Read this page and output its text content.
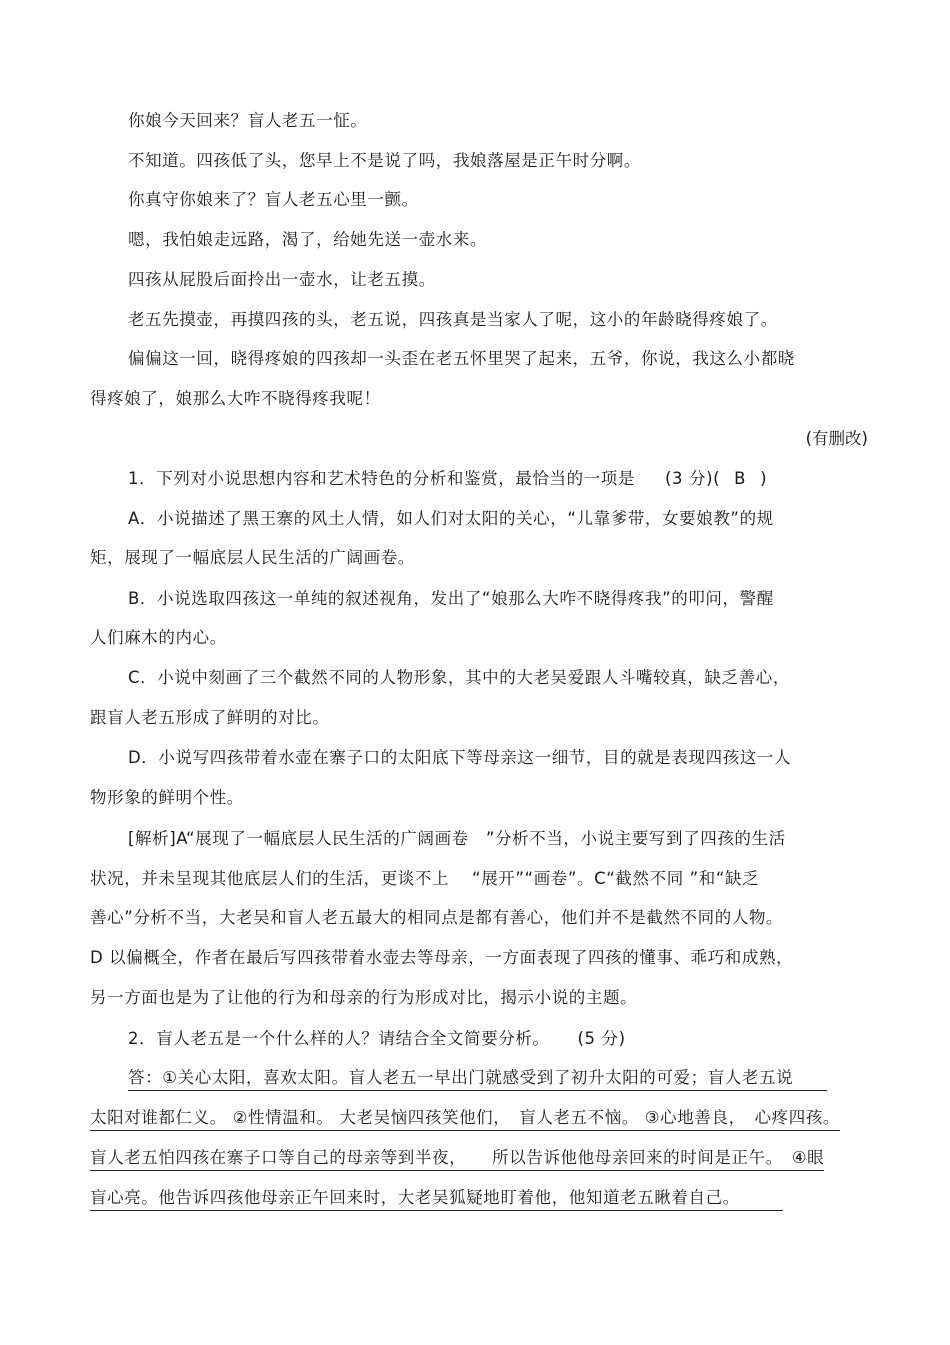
你娘今天回来？盲人老五一怔。
不知道。四孩低了头，您早上不是说了吗，我娘落屋是正午时分啊。
你真守你娘来了？盲人老五心里一颤。
嗯，我怕娘走远路，渴了，给她先送一壶水来。
四孩从屁股后面拎出一壶水，让老五摸。
老五先摸壶，再摸四孩的头，老五说，四孩真是当家人了呢，这小的年龄晓得疼娘了。
偏偏这一回，晓得疼娘的四孩却一头歪在老五怀里哭了起来，五爷，你说，我这么小都晓
得疼娘了，娘那么大咋不晓得疼我呢！
(有删改)
1．下列对小说思想内容和艺术特色的分析和鉴赏，最恰当的一项是 (3 分)( B )
A．小说描述了黑王寨的风土人情，如人们对太阳的关心，“儿靠爹带，女要娘教”的规
矩，展现了一幅底层人民生活的广阔画卷。
B．小说选取四孩这一单纯的叙述视角，发出了“娘那么大咋不晓得疼我”的叩问，警醒
人们麻木的内心。
C．小说中刻画了三个截然不同的人物形象，其中的大老吴爱跟人斗嘴较真，缺乏善心，
跟盲人老五形成了鲜明的对比。
D．小说写四孩带着水壶在寨子口的太阳底下等母亲这一细节，目的就是表现四孩这一人
物形象的鲜明个性。
[解析]A“展现了一幅底层人民生活的广阔画卷　”分析不当，小说主要写到了四孩的生活
状况，并未呈现其他底层人们的生活，更谈不上　 “展开”“画卷”。C“截然不同 ”和“缺乏
善心”分析不当，大老吴和盲人老五最大的相同点是都有善心，他们并不是截然不同的人物。
D 以偏概全，作者在最后写四孩带着水壶去等母亲，一方面表现了四孩的懂事、乖巧和成熟，
另一方面也是为了让他的行为和母亲的行为形成对比，揭示小说的主题。
2．盲人老五是一个什么样的人？请结合全文简要分析。 (5 分)
答：①关心太阳，喜欢太阳。盲人老五一早出门就感受到了初升太阳的可爱；盲人老五说　　
太阳对谁都仁义。 ②性情温和。 大老吴恼四孩笑他们，　盲人老五不恼。 ③心地善良，　心疼四孩。
盲人老五怕四孩在寨子口等自己的母亲等到半夜，　　所以告诉他他母亲回来的时间是正午。　④眼
盲心亮。他告诉四孩他母亲正午回来时，大老吴狐疑地盯着他，他知道老五瞅着自己。　　　
